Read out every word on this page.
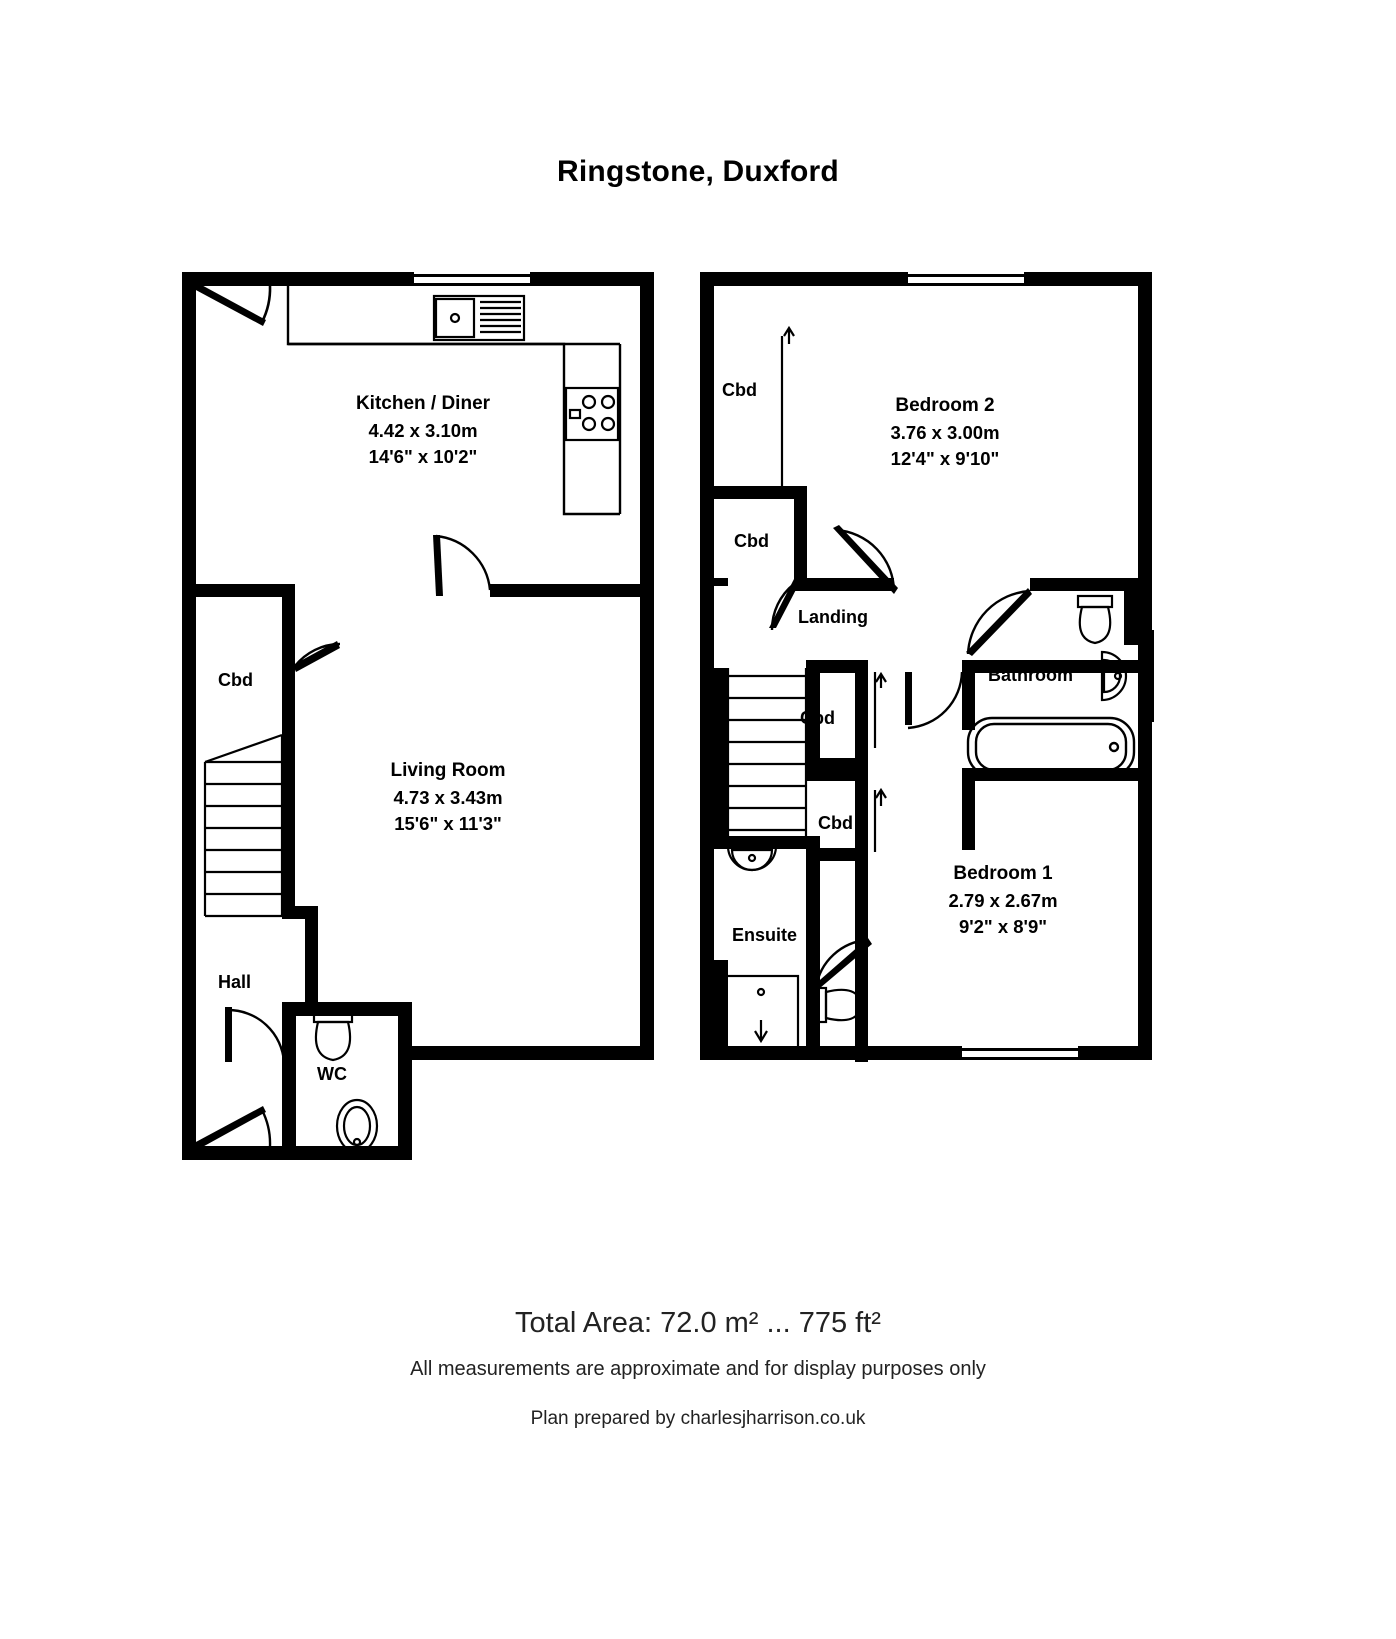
Ringstone, Duxford
Kitchen / Diner
4.42 x 3.10m
14'6" x 10'2"
Living Room
4.73 x 3.43m
15'6" x 11'3"
Cbd
Hall
WC
Bedroom 2
3.76 x 3.00m
12'4" x 9'10"
Bedroom 1
2.79 x 2.67m
9'2" x 8'9"
Cbd
Cbd
Cbd
Cbd
Landing
Bathroom
Ensuite
Total Area: 72.0 m² ... 775 ft²
All measurements are approximate and for display purposes only
Plan prepared by charlesjharrison.co.uk
